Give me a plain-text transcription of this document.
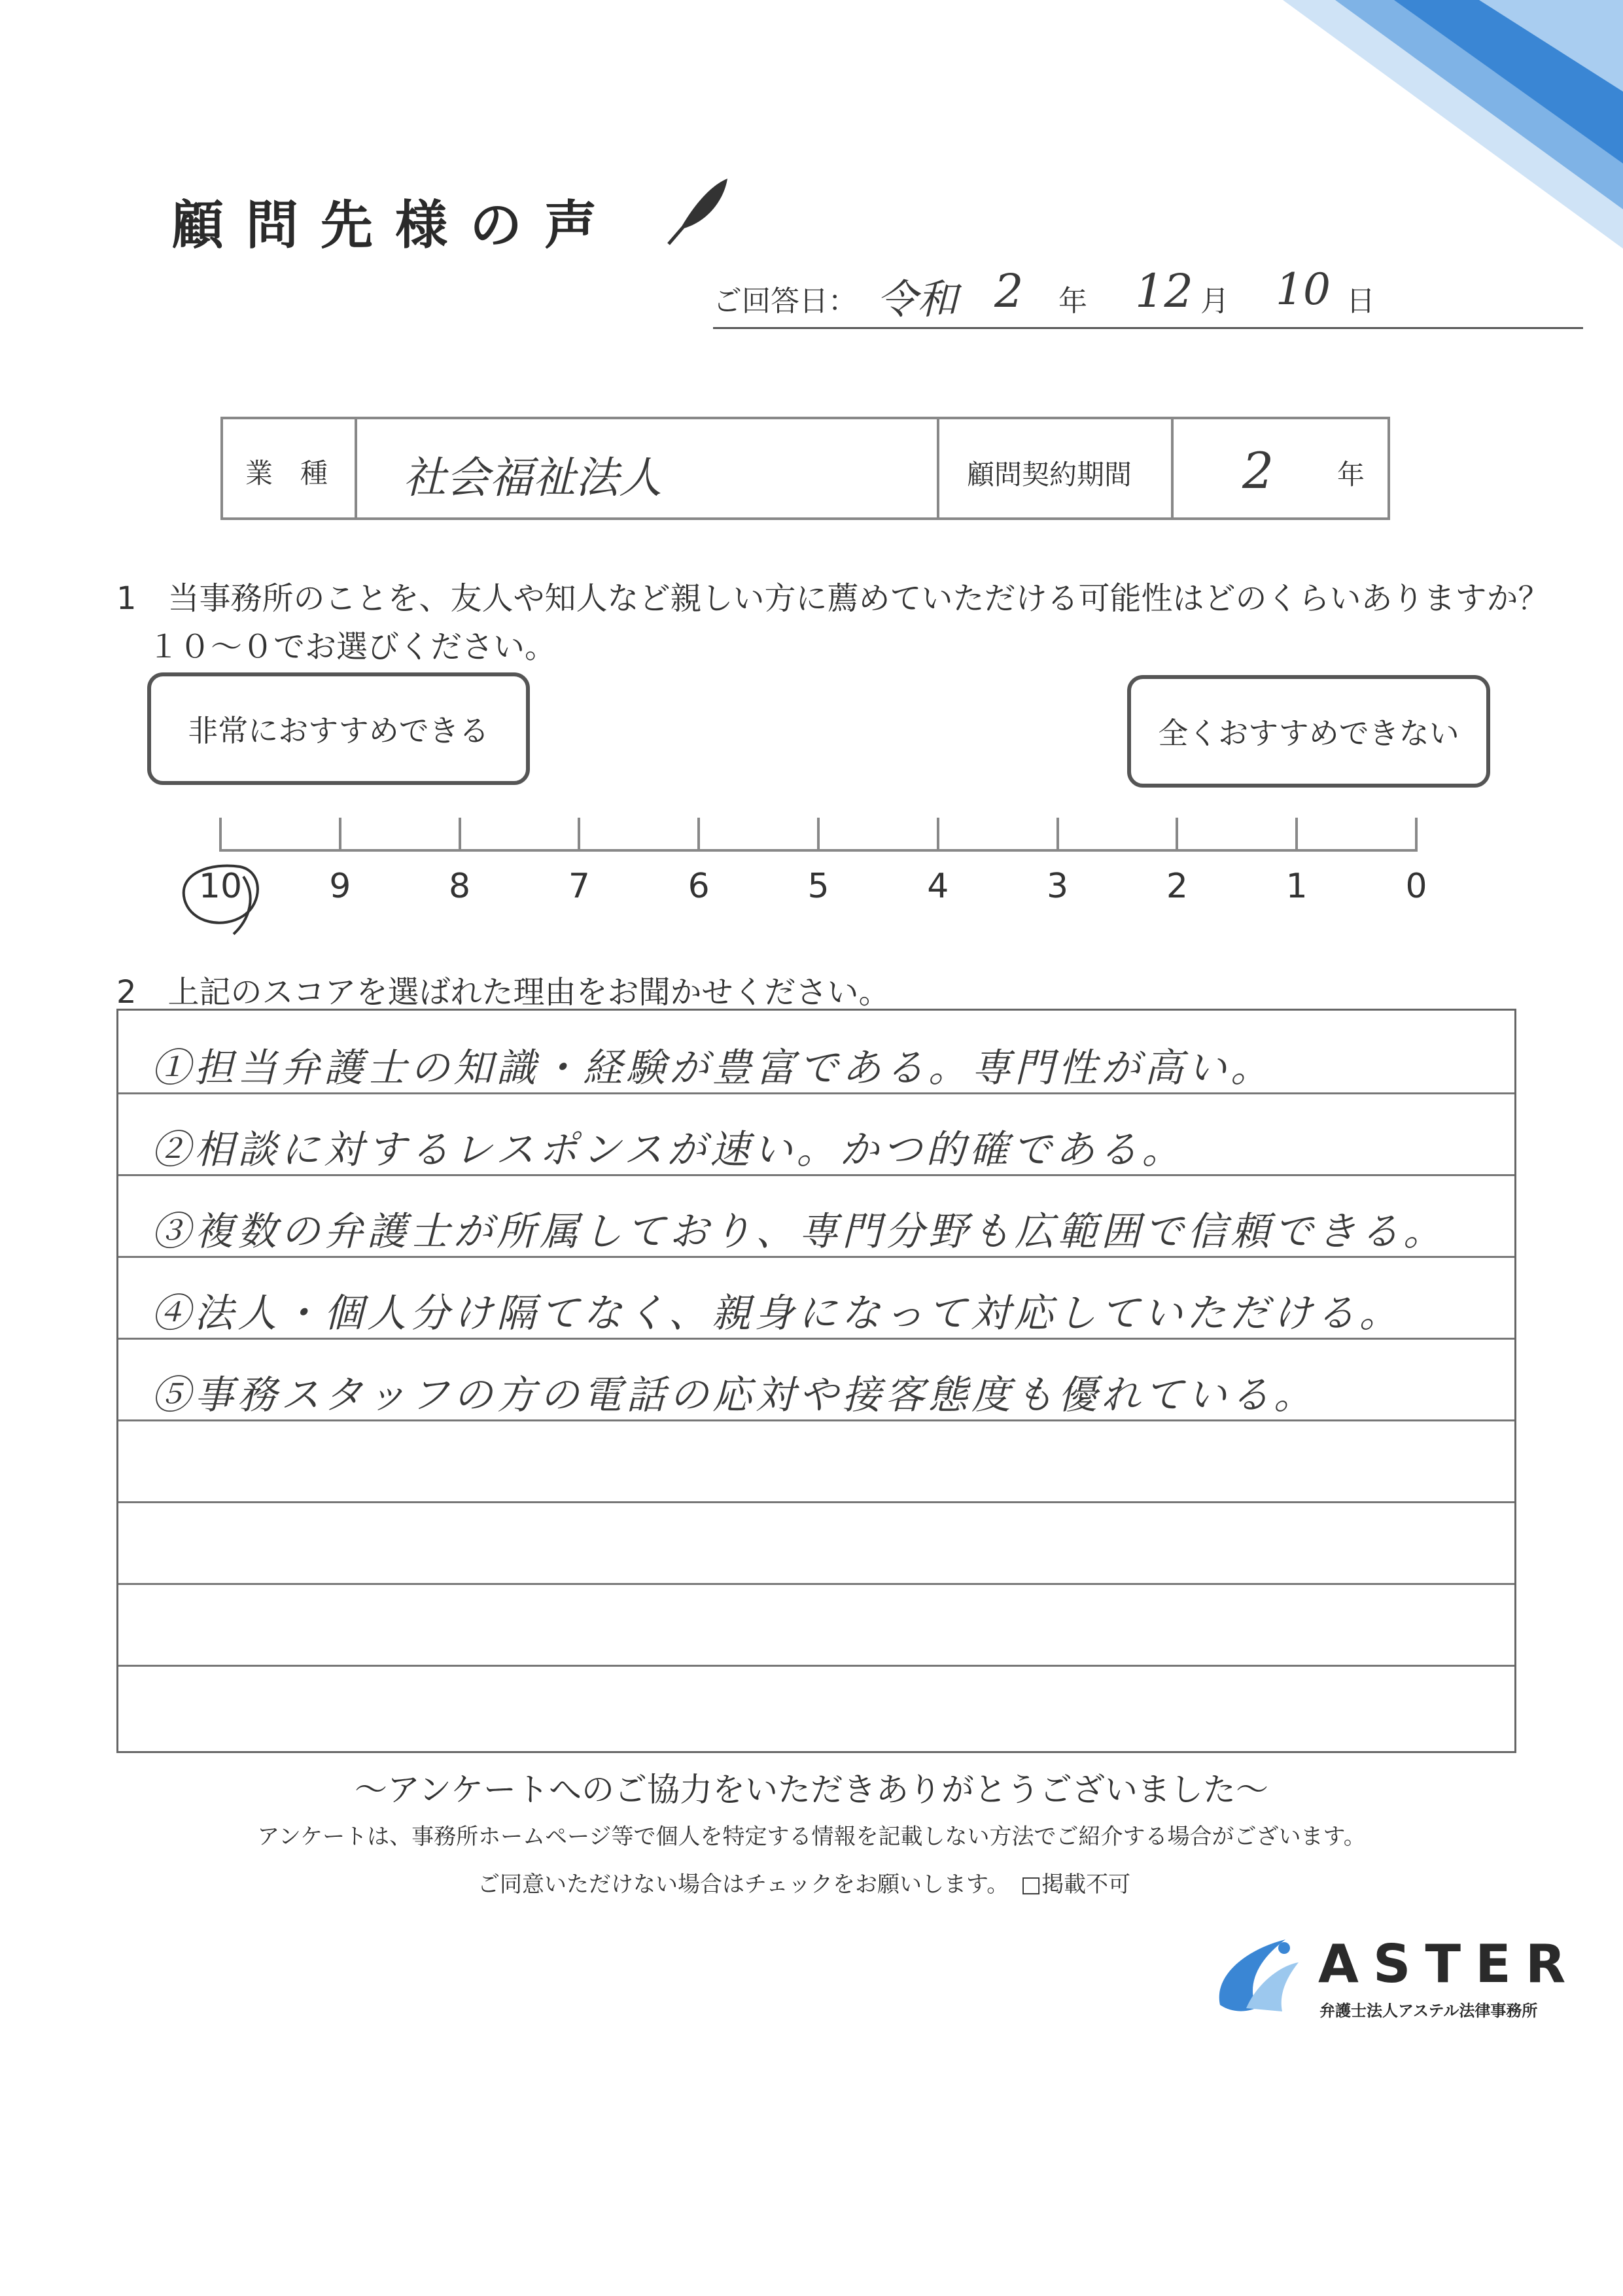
顧問先様の声
ご回答日： 令和 2 年 12 月 10 日
業　種 社会福祉法人	顧問契約期間 2 年
1　当事務所のことを、友人や知人など親しい方に薦めていただける可能性はどのくらいありますか？
　１０～０でお選びください。
非常におすすめできる	全くおすすめできない
10	9	8	7	6	5	4	3	2	1	0
2　上記のスコアを選ばれた理由をお聞かせください。
①担当弁護士の知識・経験が豊富である。専門性が高い。
②相談に対するレスポンスが速い。かつ的確である。
③複数の弁護士が所属しており、専門分野も広範囲で信頼できる。
④法人・個人分け隔てなく、親身になって対応していただける。
⑤事務スタッフの方の電話の応対や接客態度も優れている。
～アンケートへのご協力をいただきありがとうございました～
アンケートは、事務所ホームページ等で個人を特定する情報を記載しない方法でご紹介する場合がございます。
ご同意いただけない場合はチェックをお願いします。 □掲載不可
ASTER
弁護士法人アステル法律事務所
